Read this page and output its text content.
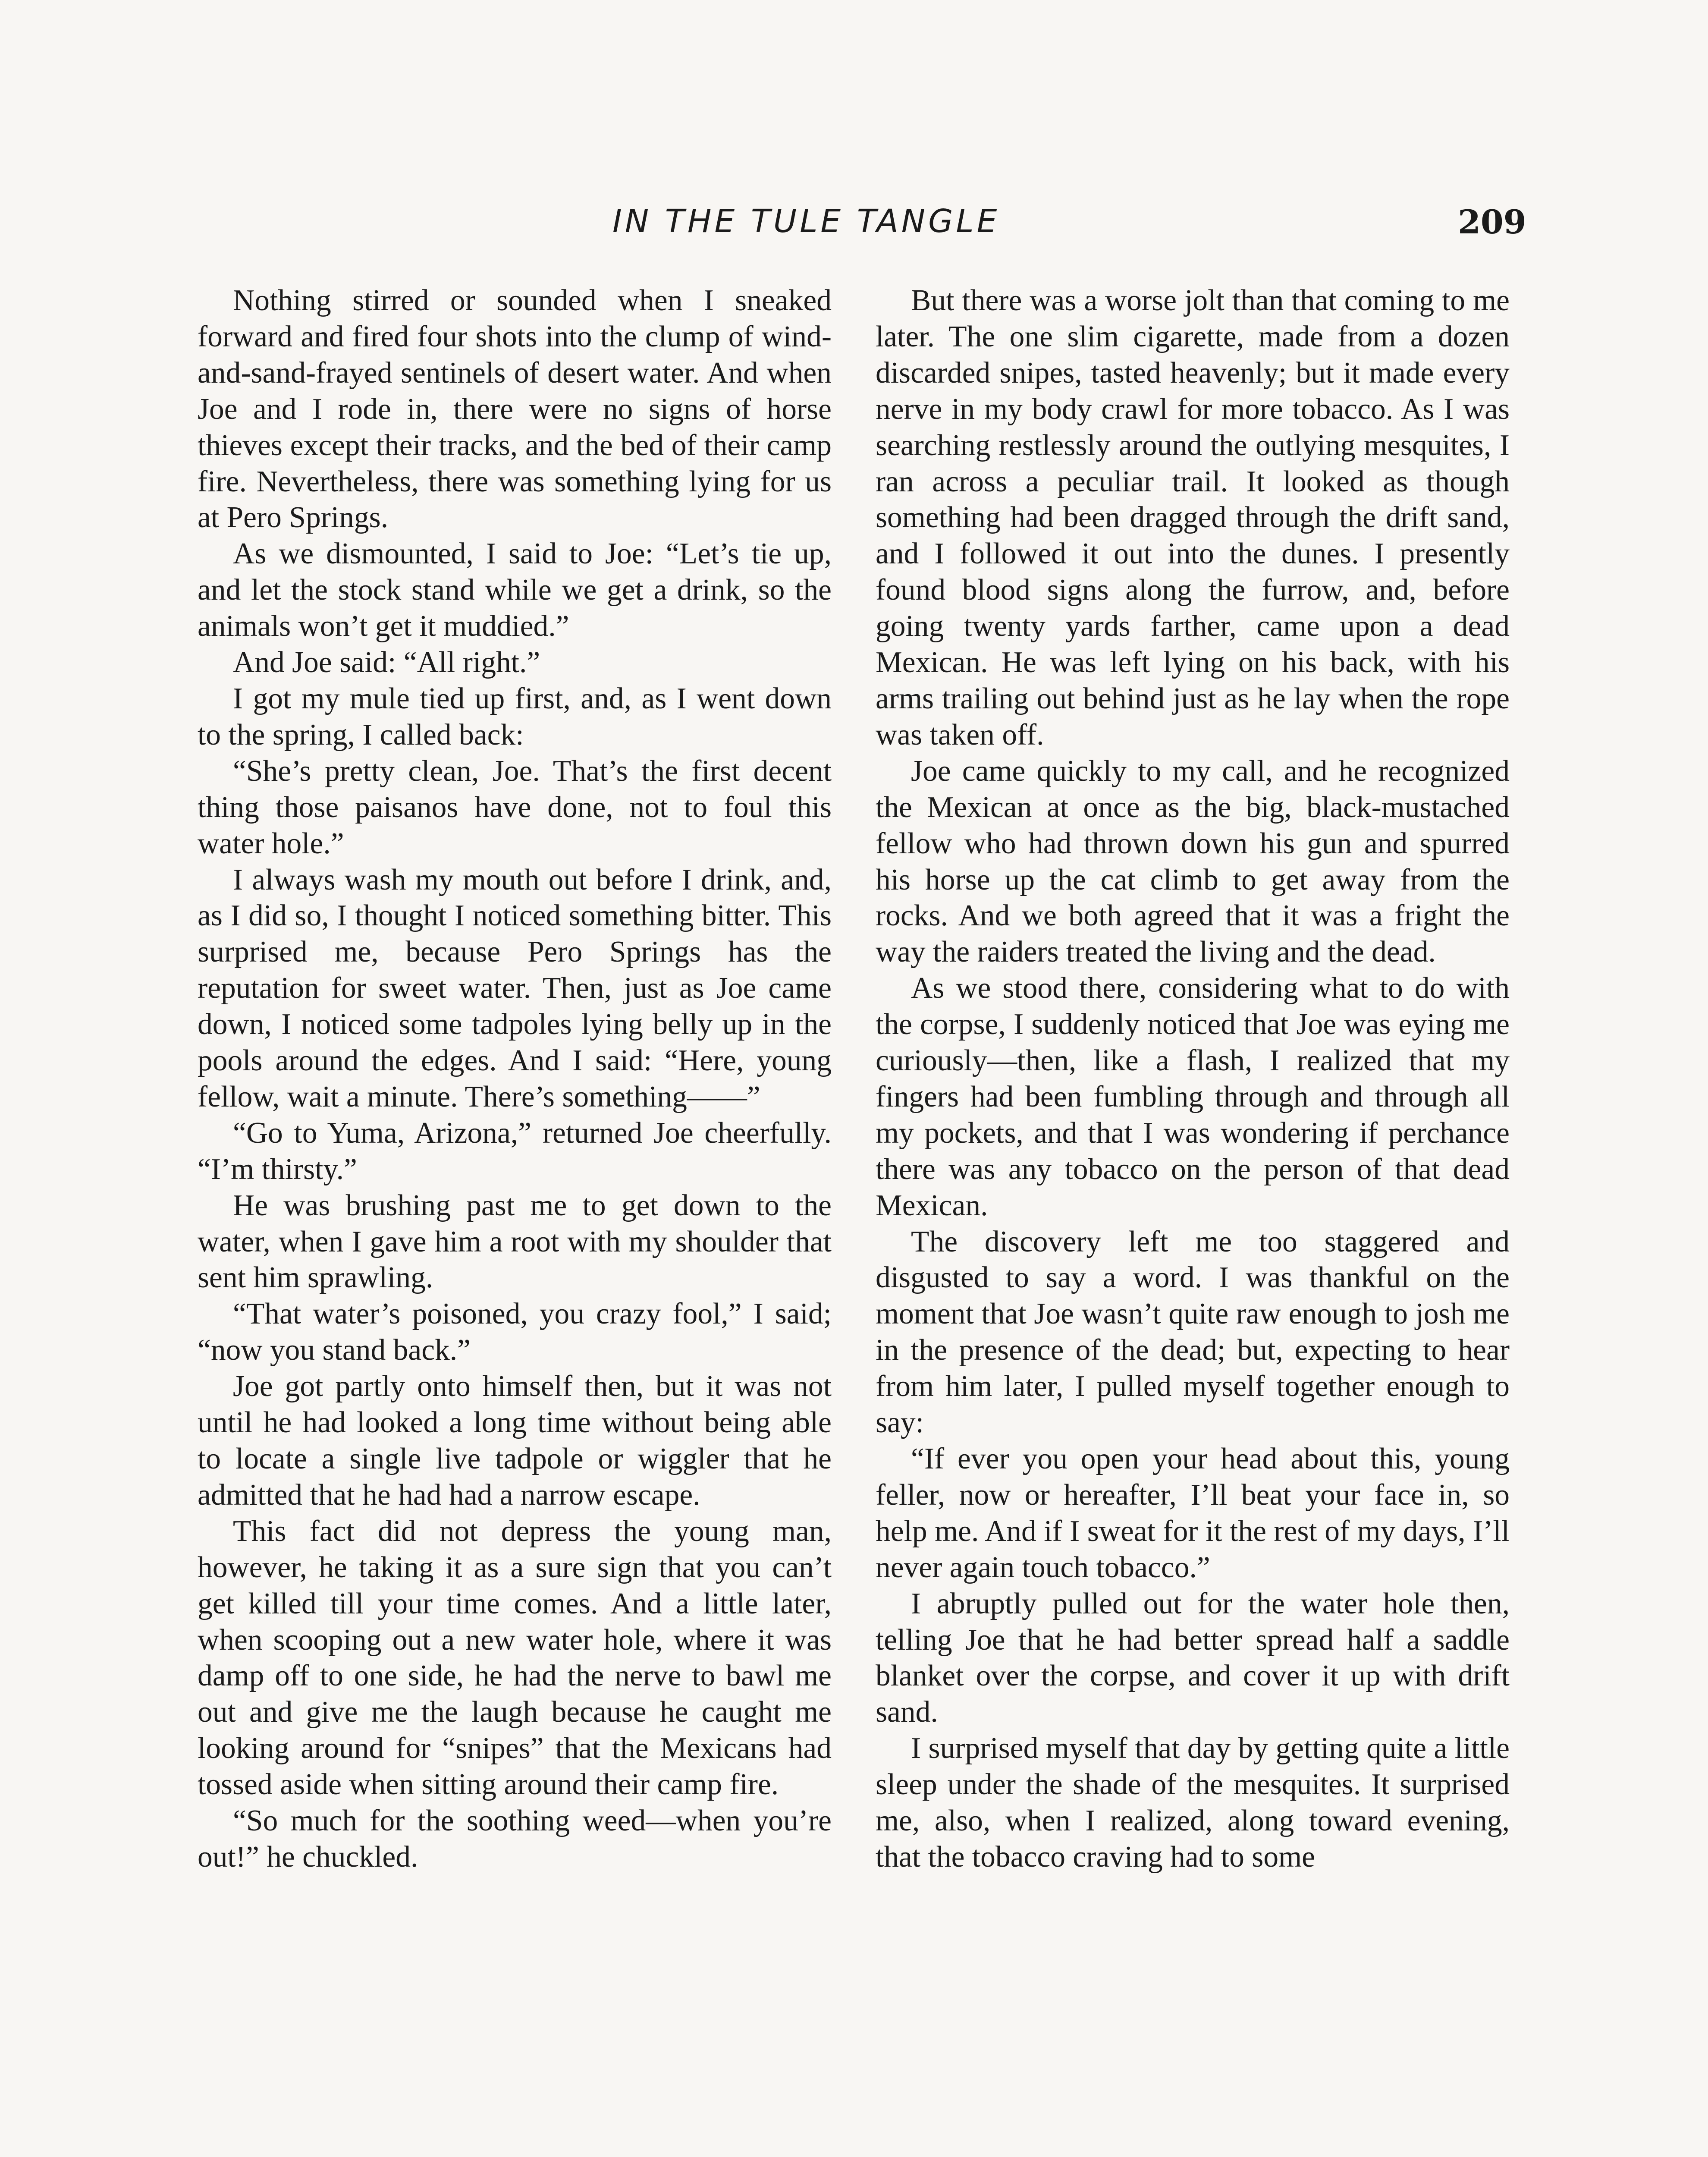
IN THE TULE TANGLE	209

Nothing stirred or sounded when I sneaked forward and fired four shots into the clump of wind-and-sand-frayed sentinels of desert water. And when Joe and I rode in, there were no signs of horse thieves except their tracks, and the bed of their camp fire. Nevertheless, there was something lying for us at Pero Springs.

As we dismounted, I said to Joe: “Let’s tie up, and let the stock stand while we get a drink, so the animals won’t get it muddied.”

And Joe said: “All right.”

I got my mule tied up first, and, as I went down to the spring, I called back:

“She’s pretty clean, Joe. That’s the first decent thing those paisanos have done, not to foul this water hole.”

I always wash my mouth out before I drink, and, as I did so, I thought I noticed something bitter. This surprised me, because Pero Springs has the reputation for sweet water. Then, just as Joe came down, I noticed some tadpoles lying belly up in the pools around the edges. And I said: “Here, young fellow, wait a minute. There’s something——”

“Go to Yuma, Arizona,” returned Joe cheerfully. “I’m thirsty.”

He was brushing past me to get down to the water, when I gave him a root with my shoulder that sent him sprawling.

“That water’s poisoned, you crazy fool,” I said; “now you stand back.”

Joe got partly onto himself then, but it was not until he had looked a long time without being able to locate a single live tadpole or wiggler that he admitted that he had had a narrow escape.

This fact did not depress the young man, however, he taking it as a sure sign that you can’t get killed till your time comes. And a little later, when scooping out a new water hole, where it was damp off to one side, he had the nerve to bawl me out and give me the laugh because he caught me looking around for “snipes” that the Mexicans had tossed aside when sitting around their camp fire.

“So much for the soothing weed—when you’re out!” he chuckled.

But there was a worse jolt than that coming to me later. The one slim cigarette, made from a dozen discarded snipes, tasted heavenly; but it made every nerve in my body crawl for more tobacco. As I was searching restlessly around the outlying mesquites, I ran across a peculiar trail. It looked as though something had been dragged through the drift sand, and I followed it out into the dunes. I presently found blood signs along the furrow, and, before going twenty yards farther, came upon a dead Mexican. He was left lying on his back, with his arms trailing out behind just as he lay when the rope was taken off.

Joe came quickly to my call, and he recognized the Mexican at once as the big, black-mustached fellow who had thrown down his gun and spurred his horse up the cat climb to get away from the rocks. And we both agreed that it was a fright the way the raiders treated the living and the dead.

As we stood there, considering what to do with the corpse, I suddenly noticed that Joe was eying me curiously—then, like a flash, I realized that my fingers had been fumbling through and through all my pockets, and that I was wondering if perchance there was any tobacco on the person of that dead Mexican.

The discovery left me too staggered and disgusted to say a word. I was thankful on the moment that Joe wasn’t quite raw enough to josh me in the presence of the dead; but, expecting to hear from him later, I pulled myself together enough to say:

“If ever you open your head about this, young feller, now or hereafter, I’ll beat your face in, so help me. And if I sweat for it the rest of my days, I’ll never again touch tobacco.”

I abruptly pulled out for the water hole then, telling Joe that he had better spread half a saddle blanket over the corpse, and cover it up with drift sand.

I surprised myself that day by getting quite a little sleep under the shade of the mesquites. It surprised me, also, when I realized, along toward evening, that the tobacco craving had to some
